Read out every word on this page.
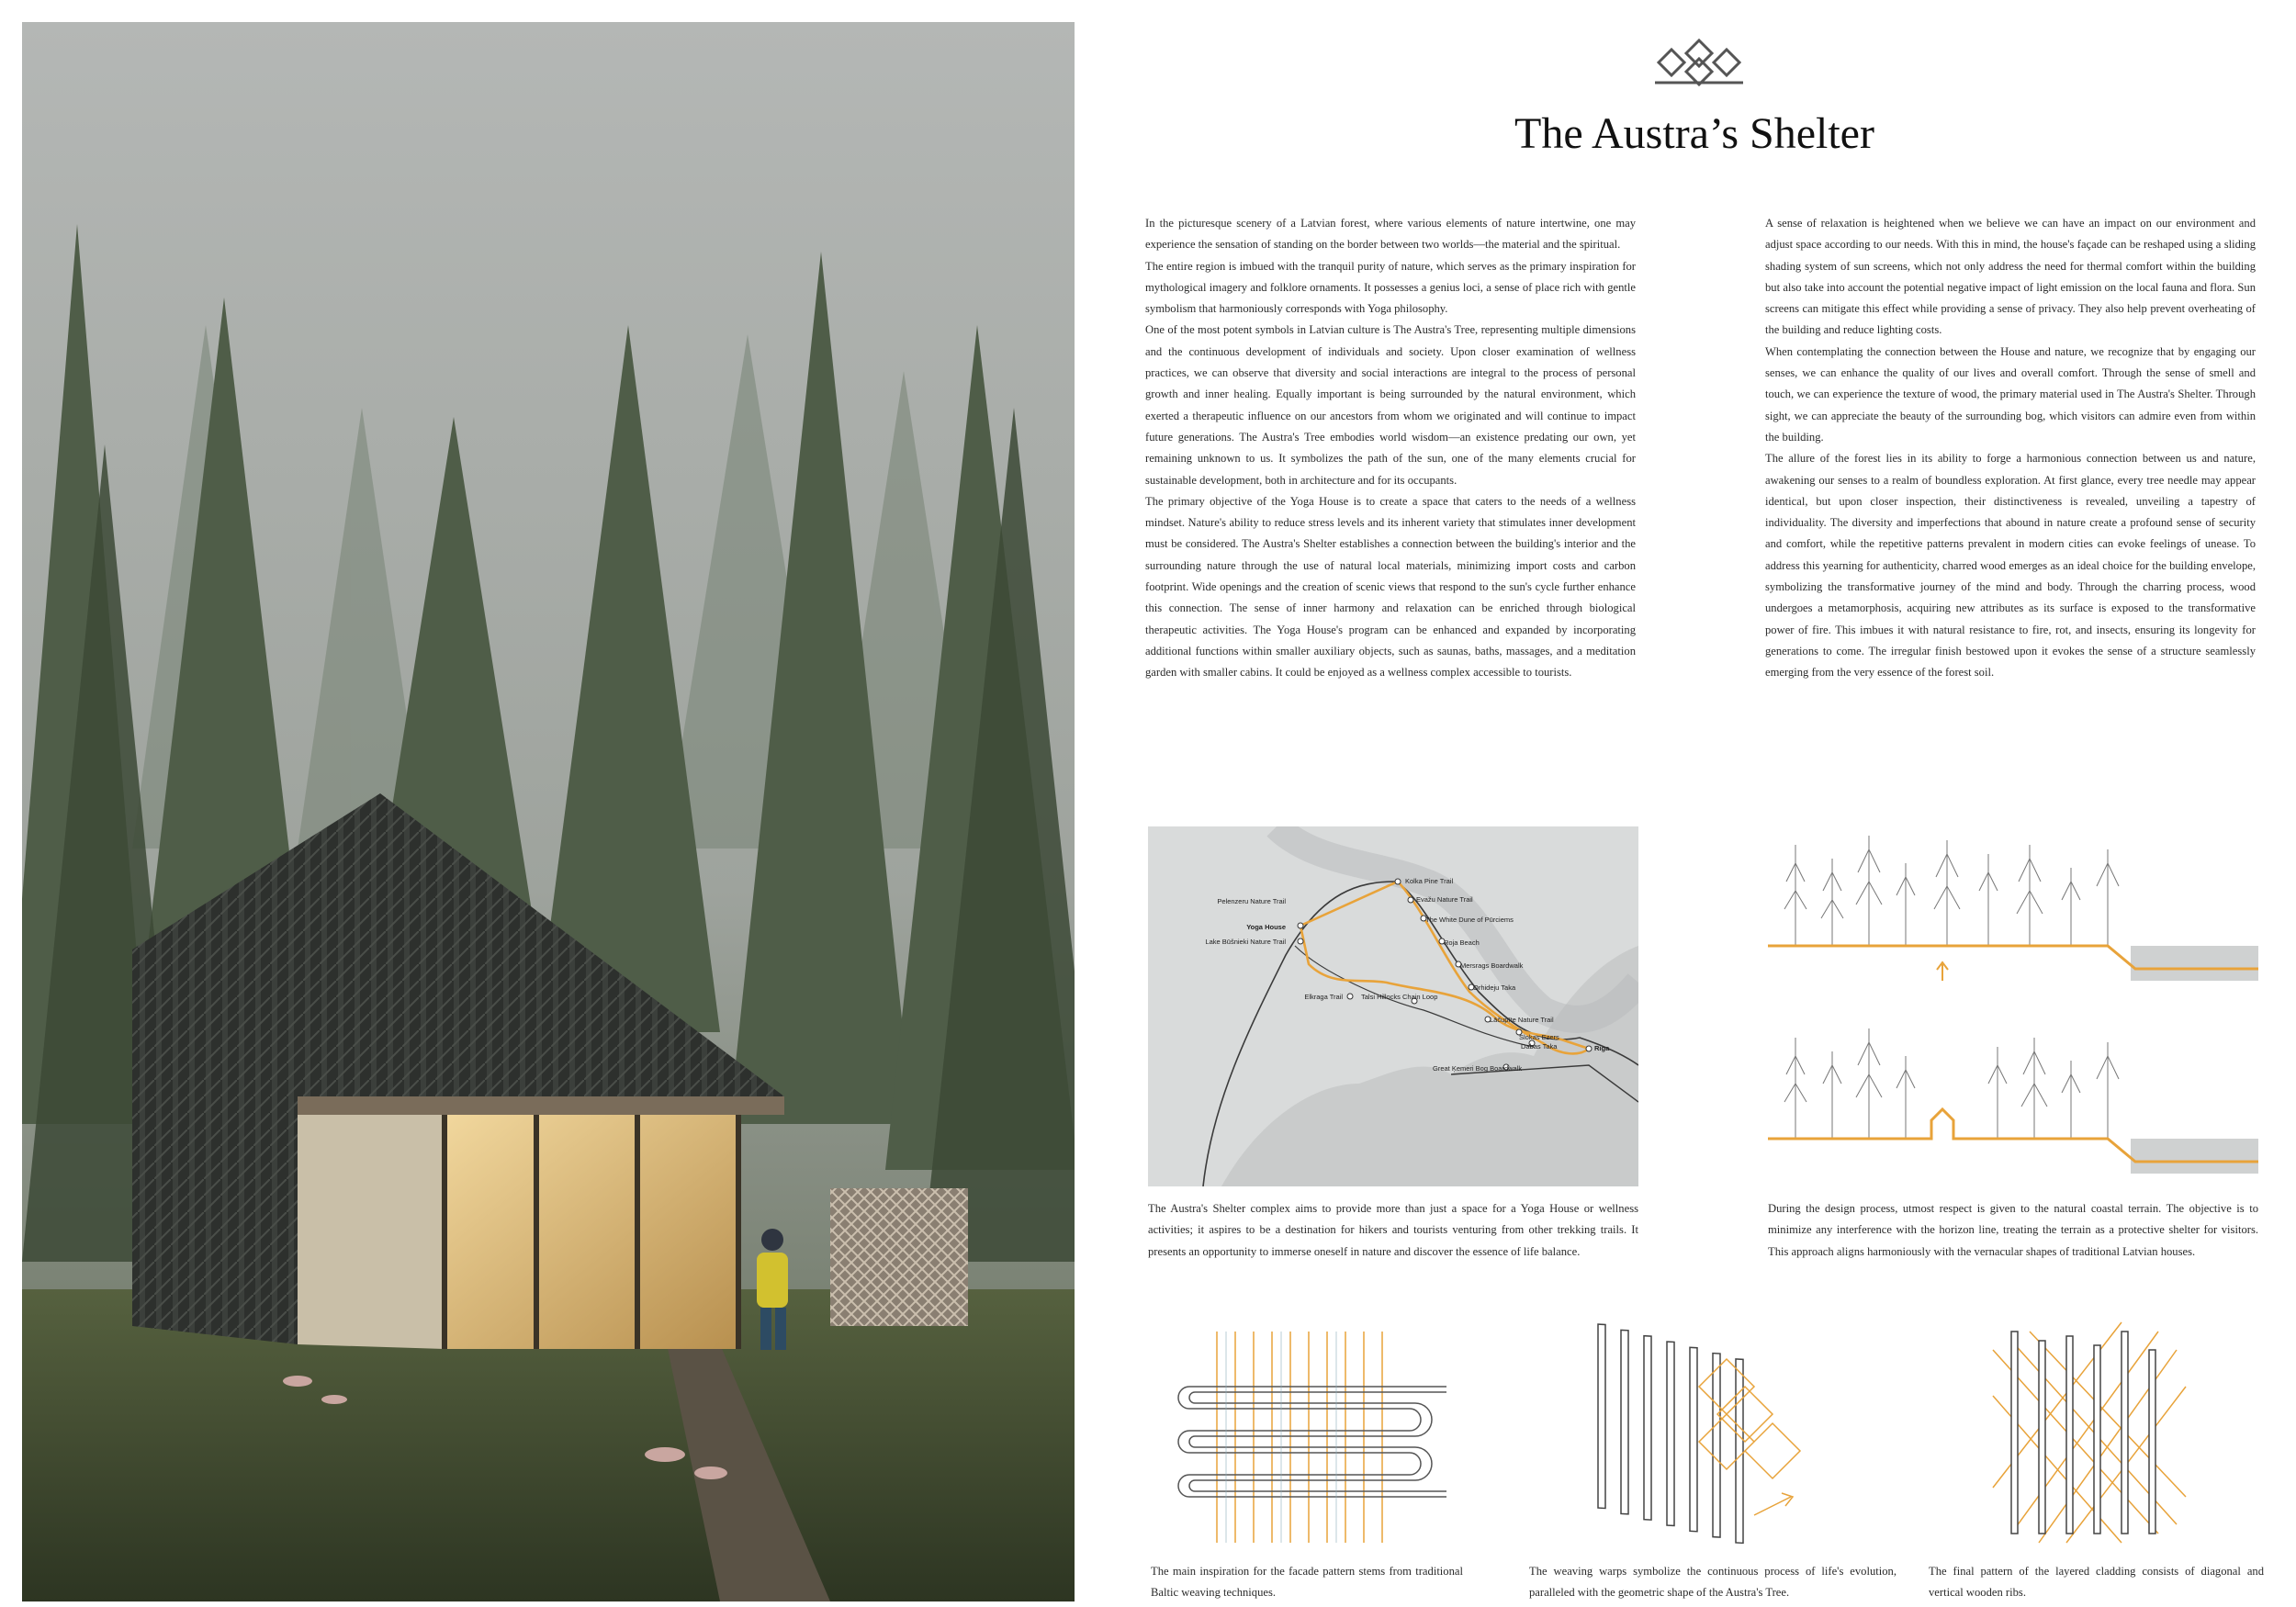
The Austra’s Shelter

In the picturesque scenery of a Latvian forest, where various elements of nature intertwine, one may experience the sensation of standing on the border between two worlds—the material and the spiritual.

The entire region is imbued with the tranquil purity of nature, which serves as the primary inspiration for mythological imagery and folklore ornaments. It possesses a genius loci, a sense of place rich with gentle symbolism that harmoniously corresponds with Yoga philosophy.

One of the most potent symbols in Latvian culture is The Austra's Tree, representing multiple dimensions and the continuous development of individuals and society. Upon closer examination of wellness practices, we can observe that diversity and social interactions are integral to the process of personal growth and inner healing. Equally important is being surrounded by the natural environment, which exerted a therapeutic influence on our ancestors from whom we originated and will continue to impact future generations. The Austra's Tree embodies world wisdom—an existence predating our own, yet remaining unknown to us. It symbolizes the path of the sun, one of the many elements crucial for sustainable development, both in architecture and for its occupants.

The primary objective of the Yoga House is to create a space that caters to the needs of a wellness mindset. Nature's ability to reduce stress levels and its inherent variety that stimulates inner development must be considered. The Austra's Shelter establishes a connection between the building's interior and the surrounding nature through the use of natural local materials, minimizing import costs and carbon footprint. Wide openings and the creation of scenic views that respond to the sun's cycle further enhance this connection. The sense of inner harmony and relaxation can be enriched through biological therapeutic activities. The Yoga House's program can be enhanced and expanded by incorporating additional functions within smaller auxiliary objects, such as saunas, baths, massages, and a meditation garden with smaller cabins. It could be enjoyed as a wellness complex accessible to tourists.

A sense of relaxation is heightened when we believe we can have an impact on our environment and adjust space according to our needs. With this in mind, the house's façade can be reshaped using a sliding shading system of sun screens, which not only address the need for thermal comfort within the building but also take into account the potential negative impact of light emission on the local fauna and flora. Sun screens can mitigate this effect while providing a sense of privacy. They also help prevent overheating of the building and reduce lighting costs.

When contemplating the connection between the House and nature, we recognize that by engaging our senses, we can enhance the quality of our lives and overall comfort. Through the sense of smell and touch, we can experience the texture of wood, the primary material used in The Austra's Shelter. Through sight, we can appreciate the beauty of the surrounding bog, which visitors can admire even from within the building.

The allure of the forest lies in its ability to forge a harmonious connection between us and nature, awakening our senses to a realm of boundless exploration. At first glance, every tree needle may appear identical, but upon closer inspection, their distinctiveness is revealed, unveiling a tapestry of individuality. The diversity and imperfections that abound in nature create a profound sense of security and comfort, while the repetitive patterns prevalent in modern cities can evoke feelings of unease. To address this yearning for authenticity, charred wood emerges as an ideal choice for the building envelope, symbolizing the transformative journey of the mind and body. Through the charring process, wood undergoes a metamorphosis, acquiring new attributes as its surface is exposed to the transformative power of fire. This imbues it with natural resistance to fire, rot, and insects, ensuring its longevity for generations to come. The irregular finish bestowed upon it evokes the sense of a structure seamlessly emerging from the very essence of the forest soil.

Kolka Pine Trail
Pelenzeru Nature Trail	Evažu Nature Trail
Yoga House
The White Dune of Pūrciems
Lake Būšnieki Nature Trail	Roja Beach
Mersrags Boardwalk
Orhideju Taka
Elkraga Trail	Talsi Hillocks Chain Loop
Lāčupīte Nature Trail
Slokas Ezers
Dabas Taka	Riga
Great Ķemeri Bog Boardwalk

The Austra's Shelter complex aims to provide more than just a space for a Yoga House or wellness activities; it aspires to be a destination for hikers and tourists venturing from other trekking trails. It presents an opportunity to immerse oneself in nature and discover the essence of life balance.

During the design process, utmost respect is given to the natural coastal terrain. The objective is to minimize any interference with the horizon line, treating the terrain as a protective shelter for visitors. This approach aligns harmoniously with the vernacular shapes of traditional Latvian houses.

The main inspiration for the facade pattern stems from traditional Baltic weaving techniques.

The weaving warps symbolize the continuous process of life's evolution, paralleled with the geometric shape of the Austra's Tree.

The final pattern of the layered cladding consists of diagonal and vertical wooden ribs.
